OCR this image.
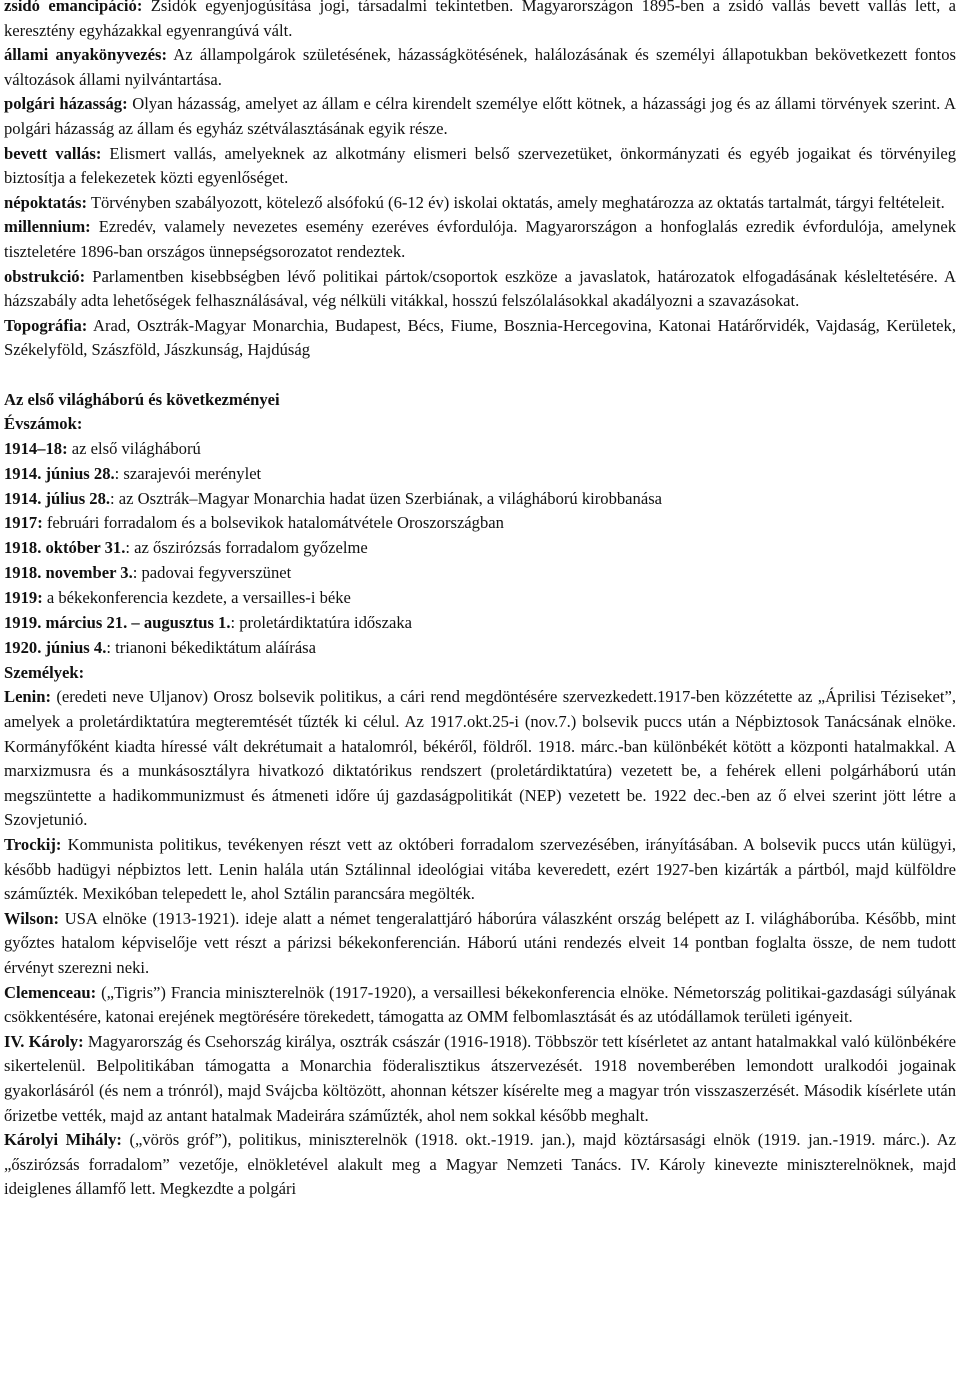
zsidó emancipáció: Zsidók egyenjogúsítása jogi, társadalmi tekintetben. Magyarországon 1895-ben a zsidó vallás bevett vallás lett, a keresztény egyházakkal egyenrangúvá vált.

állami anyakönyvezés: Az állampolgárok születésének, házasságkötésének, halálozásának és személyi állapotukban bekövetkezett fontos változások állami nyilvántartása.

polgári házasság: Olyan házasság, amelyet az állam e célra kirendelt személye előtt kötnek, a házassági jog és az állami törvények szerint. A polgári házasság az állam és egyház szétválasztásának egyik része.

bevett vallás: Elismert vallás, amelyeknek az alkotmány elismeri belső szervezetüket, önkormányzati és egyéb jogaikat és törvényileg biztosítja a felekezetek közti egyenlőséget.

népoktatás: Törvényben szabályozott, kötelező alsófokú (6-12 év) iskolai oktatás, amely meghatározza az oktatás tartalmát, tárgyi feltételeit.

millennium: Ezredév, valamely nevezetes esemény ezeréves évfordulója. Magyarországon a honfoglalás ezredik évfordulója, amelynek tiszteletére 1896-ban országos ünnepségsorozatot rendeztek.

obstrukció: Parlamentben kisebbségben lévő politikai pártok/csoportok eszköze a javaslatok, határozatok elfogadásának késleltetésére. A házszabály adta lehetőségek felhasználásával, vég nélküli vitákkal, hosszú felszólalásokkal akadályozni a szavazásokat.

Topográfia: Arad, Osztrák-Magyar Monarchia, Budapest, Bécs, Fiume, Bosznia-Hercegovina, Katonai Határőrvidék, Vajdaság, Kerületek, Székelyföld, Szászföld, Jászkunság, Hajdúság

Az első világháború és következményei

Évszámok:

1914–18: az első világháború

1914. június 28.: szarajevói merénylet

1914. július 28.: az Osztrák–Magyar Monarchia hadat üzen Szerbiának, a világháború kirobbanása

1917: februári forradalom és a bolsevikok hatalomátvétele Oroszországban

1918. október 31.: az őszirózsás forradalom győzelme

1918. november 3.: padovai fegyverszünet

1919: a békekonferencia kezdete, a versailles-i béke

1919. március 21. – augusztus 1.: proletárdiktatúra időszaka

1920. június 4.: trianoni békediktátum aláírása

Személyek:

Lenin: (eredeti neve Uljanov) Orosz bolsevik politikus, a cári rend megdöntésére szervezkedett.1917-ben közzétette az „Áprilisi Téziseket”, amelyek a proletárdiktatúra megteremtését tűzték ki célul. Az 1917.okt.25-i (nov.7.) bolsevik puccs után a Népbiztosok Tanácsának elnöke. Kormányfőként kiadta híressé vált dekrétumait a hatalomról, békéről, földről. 1918. márc.-ban különbékét kötött a központi hatalmakkal. A marxizmusra és a munkásosztályra hivatkozó diktatórikus rendszert (proletárdiktatúra) vezetett be, a fehérek elleni polgárháború után megszüntette a hadikommunizmust és átmeneti időre új gazdaságpolitikát (NEP) vezetett be. 1922 dec.-ben az ő elvei szerint jött létre a Szovjetunió.

Trockij: Kommunista politikus, tevékenyen részt vett az októberi forradalom szervezésében, irányításában. A bolsevik puccs után külügyi, később hadügyi népbiztos lett. Lenin halála után Sztálinnal ideológiai vitába keveredett, ezért 1927-ben kizárták a pártból, majd külföldre száműzték. Mexikóban telepedett le, ahol Sztálin parancsára megölték.

Wilson: USA elnöke (1913-1921). ideje alatt a német tengeralattjáró háborúra válaszként ország belépett az I. világháborúba. Később, mint győztes hatalom képviselője vett részt a párizsi békekonferencián. Háború utáni rendezés elveit 14 pontban foglalta össze, de nem tudott érvényt szerezni neki.

Clemenceau: („Tigris”) Francia miniszterelnök (1917-1920), a versaillesi békekonferencia elnöke. Németország politikai-gazdasági súlyának csökkentésére, katonai erejének megtörésére törekedett, támogatta az OMM felbomlasztását és az utódállamok területi igényeit.

IV. Károly: Magyarország és Csehország királya, osztrák császár (1916-1918). Többször tett kísérletet az antant hatalmakkal való különbékére sikertelenül. Belpolitikában támogatta a Monarchia föderalisztikus átszervezését. 1918 novemberében lemondott uralkodói jogainak gyakorlásáról (és nem a trónról), majd Svájcba költözött, ahonnan kétszer kísérelte meg a magyar trón visszaszerzését. Második kísérlete után őrizetbe vették, majd az antant hatalmak Madeirára száműzték, ahol nem sokkal később meghalt.

Károlyi Mihály: („vörös gróf”), politikus, miniszterelnök (1918. okt.-1919. jan.), majd köztársasági elnök (1919. jan.-1919. márc.). Az „őszirózsás forradalom” vezetője, elnökletével alakult meg a Magyar Nemzeti Tanács. IV. Károly kinevezte miniszterelnöknek, majd ideiglenes államfő lett. Megkezdte a polgári
